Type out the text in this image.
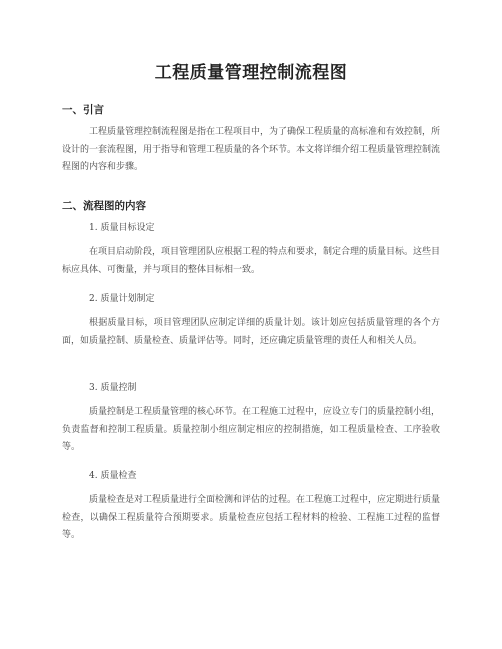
工程质量管理控制流程图
一、引言

工程质量管理控制流程图是指在工程项目中，为了确保工程质量的高标准和有效控制，所设计的一套流程图，用于指导和管理工程质量的各个环节。本文将详细介绍工程质量管理控制流程图的内容和步骤。

二、流程图的内容
1. 质量目标设定

在项目启动阶段，项目管理团队应根据工程的特点和要求，制定合理的质量目标。这些目标应具体、可衡量，并与项目的整体目标相一致。

2. 质量计划制定

根据质量目标，项目管理团队应制定详细的质量计划。该计划应包括质量管理的各个方面，如质量控制、质量检查、质量评估等。同时，还应确定质量管理的责任人和相关人员。

3. 质量控制

质量控制是工程质量管理的核心环节。在工程施工过程中，应设立专门的质量控制小组，负责监督和控制工程质量。质量控制小组应制定相应的控制措施，如工程质量检查、工序验收等。

4. 质量检查

质量检查是对工程质量进行全面检测和评估的过程。在工程施工过程中，应定期进行质量检查，以确保工程质量符合预期要求。质量检查应包括工程材料的检验、工程施工过程的监督等。
